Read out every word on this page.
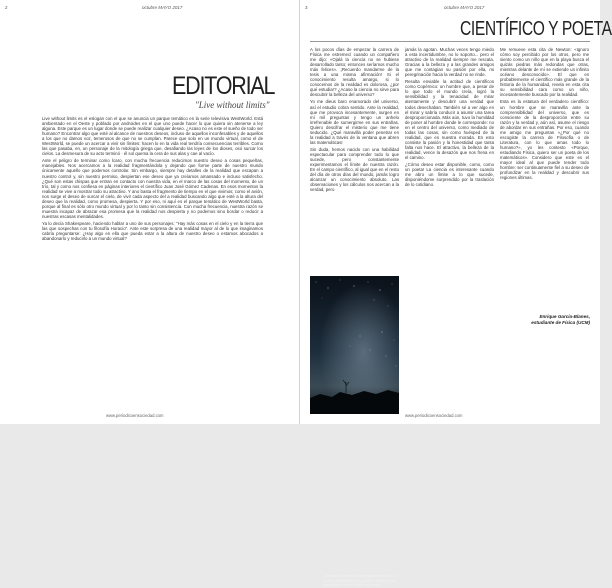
2	octubre MAYO 2017
EDITORIAL
"Live without limits"

Live without limits es el eslogan con el que se anuncia un parque temático en la serie televisiva WestWorld. Está ambientado en el Oeste y poblado por androides en el que uno puede hacer lo que quiera sin atenerse a ley alguna. Este parque es un lugar donde se puede realizar cualquier deseo. ¿Acaso no es este el sueño de todo ser humano? Encontrar algo que esté al alcance de nuestros deseos, incluso de aquellos inconfesables y de aquellos a los que no damos voz, temerosos de que no se cumplan. Parece que solo en un mundo virtual, como el de WestWorld, se puede un acercar a vivir sin límites: hacen lo en la vida real tendría consecuencias terribles. Como las que pasaba, en, un personaje de la mitología griega que, desafiando las leyes de los dioses, osó surcar los cielos. La desmesura de su acto terminó · él sol quema la cera de sus alas y cae al vacío.

Ante el peligro de terminar como Ícaro, con mucha frecuencia reducimos nuestro deseo a cosas pequeñas, manejables. Nos acercamos a la realidad fragmentándola y dejando que forme parte de nuestro mundo únicamente aquello que podemos controlar. Sin embargo, siempre hay detalles de la realidad que escapan a nuestro control y, sin nuestro permiso, despiertan ese deseo que ya creíamos amansado e incluso satisfecho. ¿Qué son estas chispas que entran en contacto con nuestra vida, en el marco de las cosas del momento, de un trío, tal y como nos confiesa en páginas interiores el científico Juan José Gómez Cadenas. En esos momentos la realidad se vive a mostrar todo su atractivo. Y ano basta el fragmento de tiempo en el que vivimos; como el avión, nos surge el deseo de surcar el cielo, de vivir cada aspecto del a realidad buscando algo que esté a la altura del deseo que la realidad, como promesa, despierta. Y por eso, ni aquí es el parque temático de WestWorld basta, porque al final es sólo otro mundo virtual y por lo tanto sin consistencia. Con mucha frecuencia, nuestra razón se muestra incapaz de abrazar esa promesa que la realidad nos despierta y no podemos sino bordar o reducir a nuestras escasas mentalidades.

Ya lo decía Shakespeare, haciendo hablar a uno de sus personajes: "Hay más cosas en el cielo y en la tierra que las que sospechas con tu filosofía Horacio". Ante este sorpresa de una realidad mayor al de lo que imaginamos cabría preguntarse: ¿Hay algo en ella que pueda estar a la altura de nuestro deseo o estamos abocados a abandonarlo y reducirlo a un mundo virtual?

www.periodicoensociedad.com
3	octubre MAYO 2017
CIENTÍFICO Y POETA

A los pocos días de empezar la carrera de Física me estremecí cuando un compañero me dijo: «Ojalá la ciencia no se hubiese desarrollado tanto; entonces seríamos mucho más felices». ¡Recuerdo mandarme de la tesis a una misma afirmación! Si el conocimiento resulta amargo, si lo conocemos de la realidad es dolorosa, ¿por qué estudiar? ¿Acaso la ciencia no sirve para descubrir la belleza del universo?

Yo me dieus baro enamorado del universo, así el estudio cobra sentido. Ante la realidad, que me provoca incesantemente, surgen en mí mil preguntas y tengo un anhelo irrefrenable de sumergirme en sus entrañas. Quiero descifrar el misterio que me tiene seducido. ¿Qué maravilla poder penetrar en la realidad a través de la ventana que abren las matemáticas!

Sin duda, hemos nacido con una habilidad espectacular para comprender todo lo que sucede, pero constantemente experimentamos el límite de nuestra razón. En el campo científico, al igual que en el resto del día de otros días del mundo, jamás logro alcanzar un conocimiento absoluto. Las observaciones y los cálculos nos acercan a la verdad, pero

jamás la agotan. Muchas veces tengo miedo a esta incertidumbre, no lo soporto... pero el atractivo de la realidad siempre me rescata. Gracias a la belleza y a las grandes amigos que me contagian su pasión por ella, mi peregrinación hacia la verdad no se rinde.

Resulta enviable la actitud de científicos como Copérnico: un hombre que, a pesar de lo que todo el mundo creía, logró la sensibilidad y la tenacidad de mirar atentamente y descubrir una verdad que todos desechaban. También sé a ver algo en el mirar y sabría conducir a asumir una tarea desproporcionada. Más aún, tuvo la humildad de poner al hombre donde le corresponde: no en el centro del universo, como mediado de todas las cosas, sin como huésped de la realidad, que es nuestra morada. En esto consiste la pasión y la honestidad que tanta falta nos hace. El atractivo, la belleza de la realidad, vence la desazón que nos frena en el camino.

¿Cómo deseo estar disponible, como, como un poeta! La ciencia es interesante cuando me abro un límite a lo que sucede, disponiéndome sorprendido por la traslación de lo cotidiano.

Me remueve esta cita de Newton: «Ignoro cómo soy percibido por los otros, pero me siento como un niño que en la playa busca el quizás piedras más redondas que otras, mientras delante de mí se extiende un infinito océano desconocido». El que es probablemente el científico más grande de la historia de la humanidad, revela en esta cita su sensibilidad cara como un niño, incesantemente buscado por la realidad.

Esta es la estatura del verdadero científico: un hombre que se maravilla ante la comprensibilidad del universo, que es consciente de la desproporción entre su razón y la verdad y, aún así, asume el riesgo de abordar en sus entrañas. Por eso, cuando me amigo me preguntan «¿Por qué no escogiste la carrera de Filosofía o de Literatura, con lo que amas todo lo humano?», yo les contesto «Porque, estudiando Física, quiero ser un poeta de los matemáticos». Considero que este es el mayor ideal al que puede tender todo hombre: ser continuamente fiel a su deseo de profundizar en la realidad y descubrir sus regiones últimas.

Enrique García-Blanes,
estudiante de Física (UCM)
¿Acaso la ciencia no sirve para descubrir la belleza del universo? ¿Cuánto deseo estar disponible, como, como un poeta!
www.periodicoensociedad.com
